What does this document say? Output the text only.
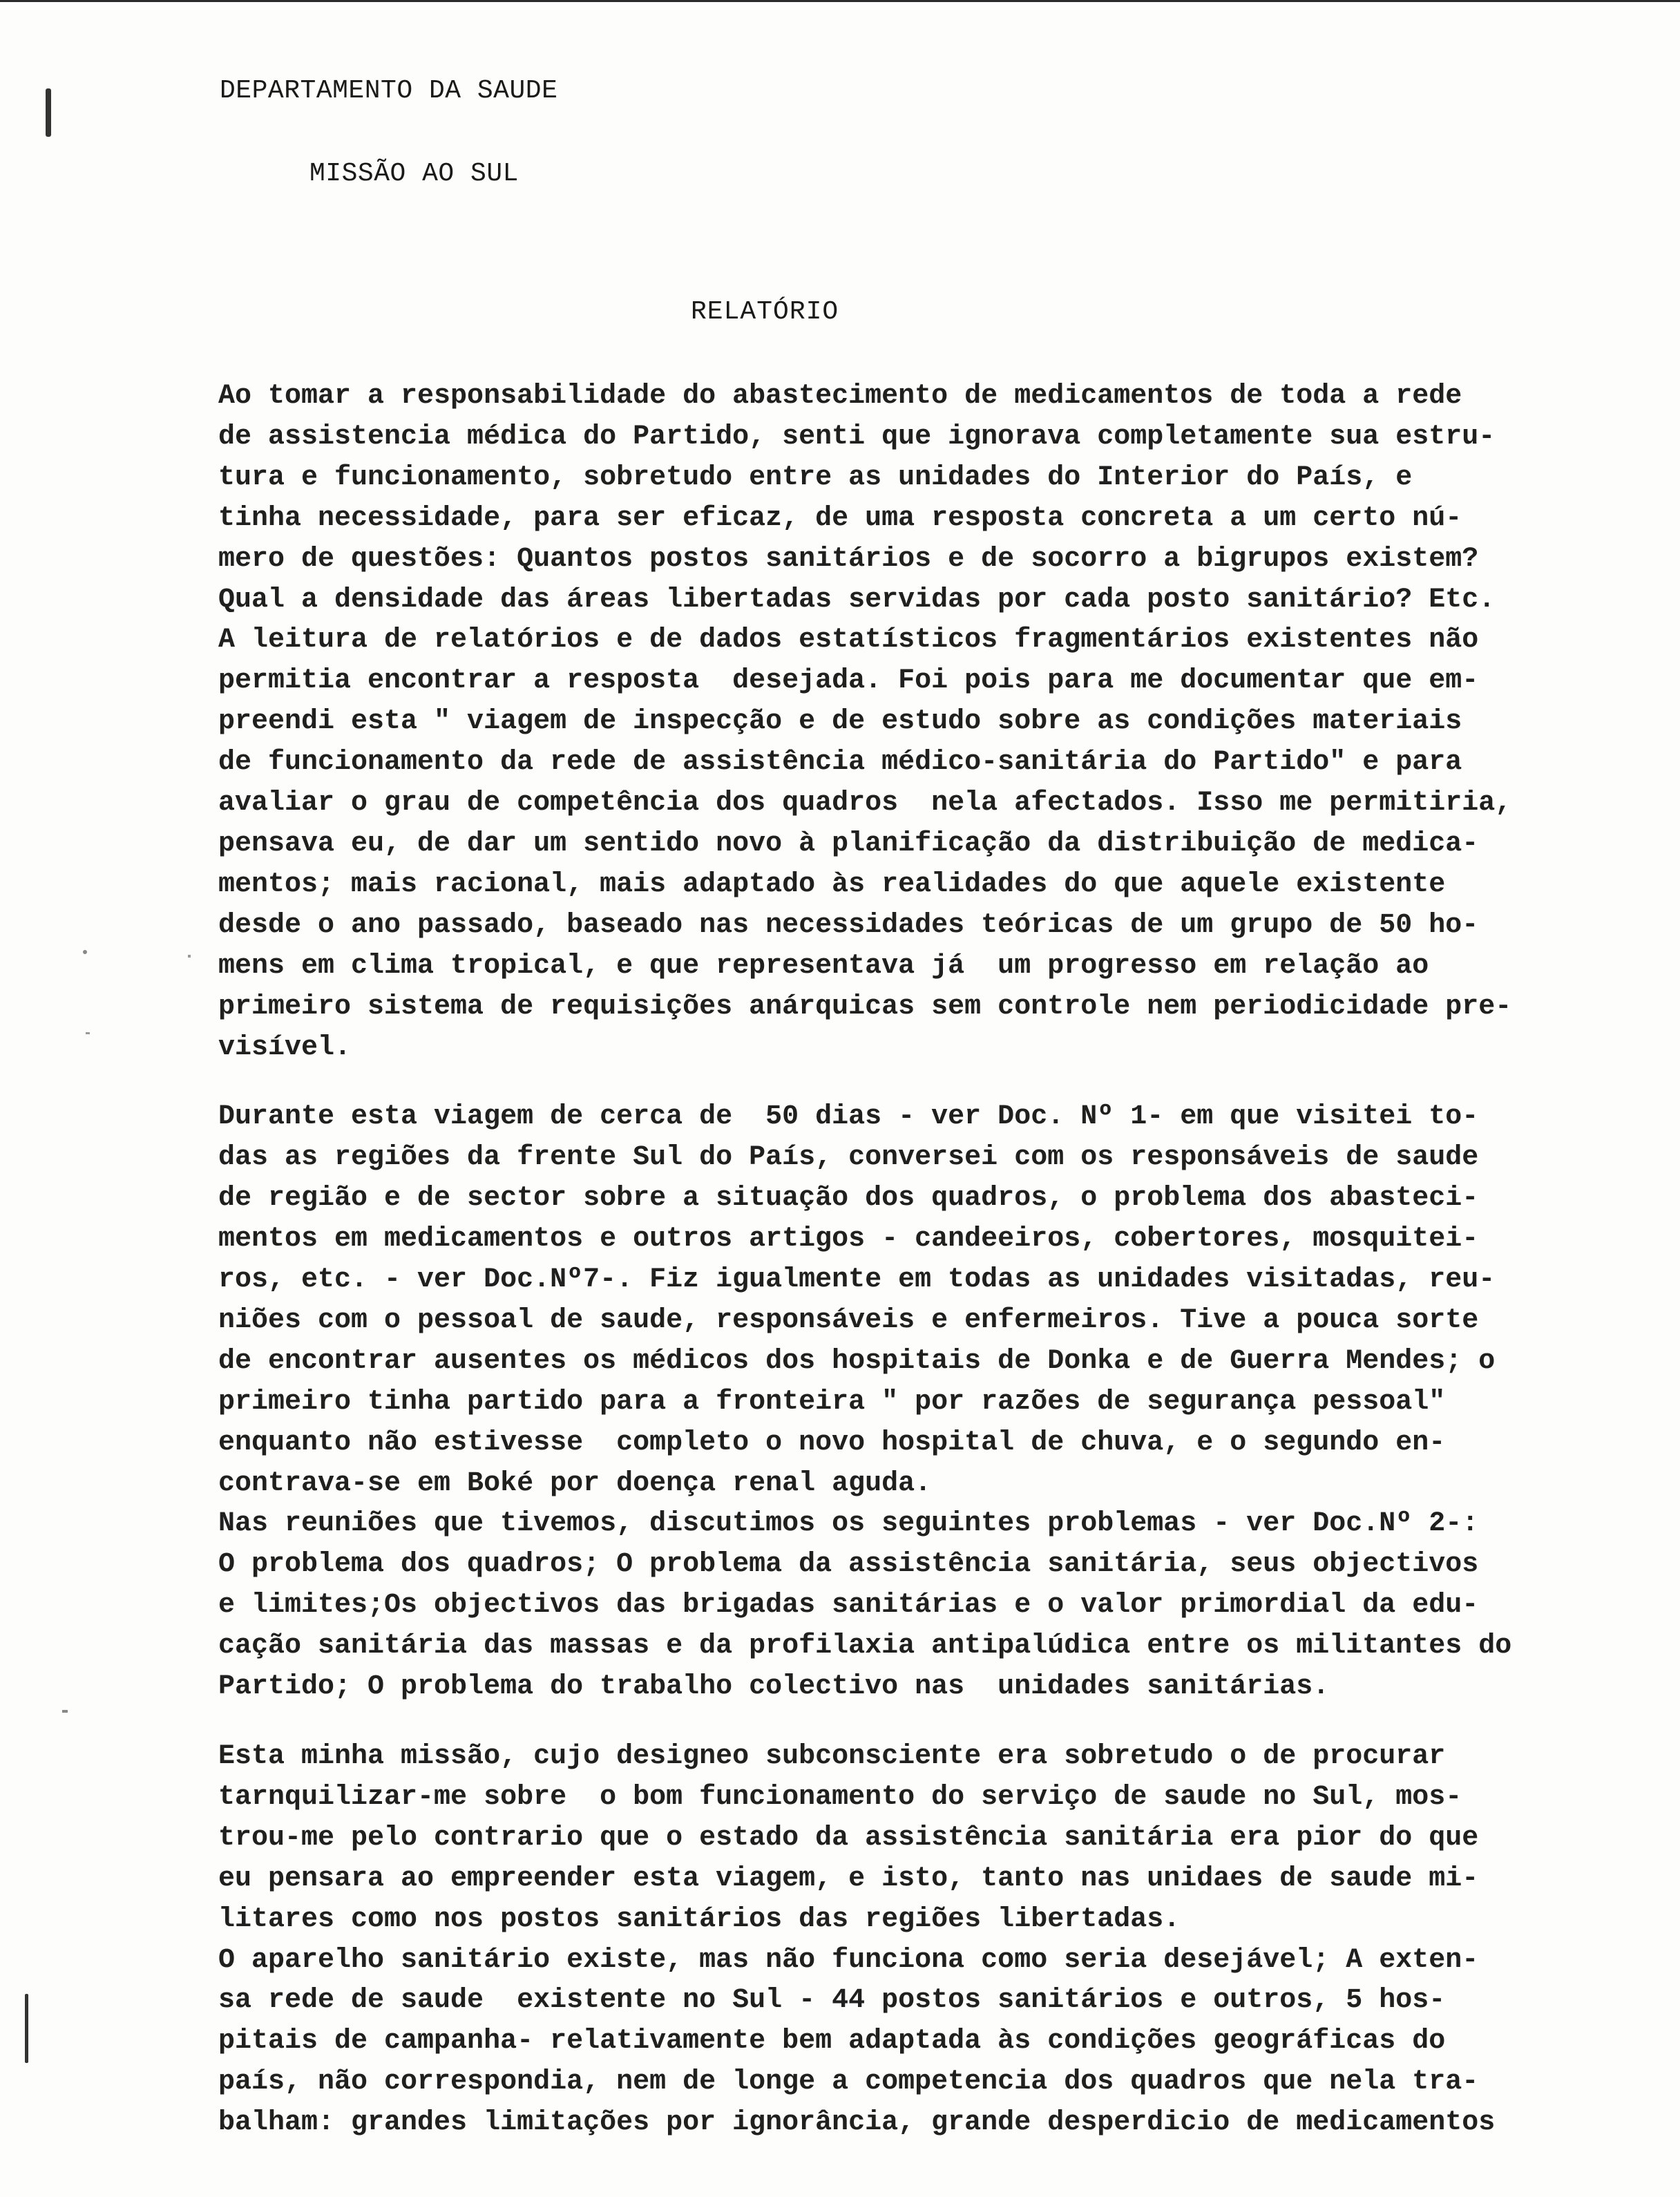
DEPARTAMENTO DA SAUDE
MISSÃO AO SUL
RELATÓRIO

Ao tomar a responsabilidade do abastecimento de medicamentos de toda a rede
de assistencia médica do Partido, senti que ignorava completamente sua estru-
tura e funcionamento, sobretudo entre as unidades do Interior do País, e
tinha necessidade, para ser eficaz, de uma resposta concreta a um certo nú-
mero de questões: Quantos postos sanitários e de socorro a bigrupos existem?
Qual a densidade das áreas libertadas servidas por cada posto sanitário? Etc.
A leitura de relatórios e de dados estatísticos fragmentários existentes não
permitia encontrar a resposta  desejada. Foi pois para me documentar que em-
preendi esta " viagem de inspecção e de estudo sobre as condições materiais
de funcionamento da rede de assistência médico-sanitária do Partido" e para
avaliar o grau de competência dos quadros  nela afectados. Isso me permitiria,
pensava eu, de dar um sentido novo à planificação da distribuição de medica-
mentos; mais racional, mais adaptado às realidades do que aquele existente
desde o ano passado, baseado nas necessidades teóricas de um grupo de 50 ho-
mens em clima tropical, e que representava já  um progresso em relação ao
primeiro sistema de requisições anárquicas sem controle nem periodicidade pre-
visível.

Durante esta viagem de cerca de  50 dias - ver Doc. Nº 1- em que visitei to-
das as regiões da frente Sul do País, conversei com os responsáveis de saude
de região e de sector sobre a situação dos quadros, o problema dos abasteci-
mentos em medicamentos e outros artigos - candeeiros, cobertores, mosquitei-
ros, etc. - ver Doc.Nº7-. Fiz igualmente em todas as unidades visitadas, reu-
niões com o pessoal de saude, responsáveis e enfermeiros. Tive a pouca sorte
de encontrar ausentes os médicos dos hospitais de Donka e de Guerra Mendes; o
primeiro tinha partido para a fronteira " por razões de segurança pessoal"
enquanto não estivesse  completo o novo hospital de chuva, e o segundo en-
contrava-se em Boké por doença renal aguda.

Nas reuniões que tivemos, discutimos os seguintes problemas - ver Doc.Nº 2-:
O problema dos quadros; O problema da assistência sanitária, seus objectivos
e limites;Os objectivos das brigadas sanitárias e o valor primordial da edu-
cação sanitária das massas e da profilaxia antipalúdica entre os militantes do
Partido; O problema do trabalho colectivo nas  unidades sanitárias.

Esta minha missão, cujo designeo subconsciente era sobretudo o de procurar
tarnquilizar-me sobre  o bom funcionamento do serviço de saude no Sul, mos-
trou-me pelo contrario que o estado da assistência sanitária era pior do que
eu pensara ao empreender esta viagem, e isto, tanto nas unidaes de saude mi-
litares como nos postos sanitários das regiões libertadas.

O aparelho sanitário existe, mas não funciona como seria desejável; A exten-
sa rede de saude  existente no Sul - 44 postos sanitários e outros, 5 hos-
pitais de campanha- relativamente bem adaptada às condições geográficas do
país, não correspondia, nem de longe a competencia dos quadros que nela tra-
balham: grandes limitações por ignorância, grande desperdicio de medicamentos
